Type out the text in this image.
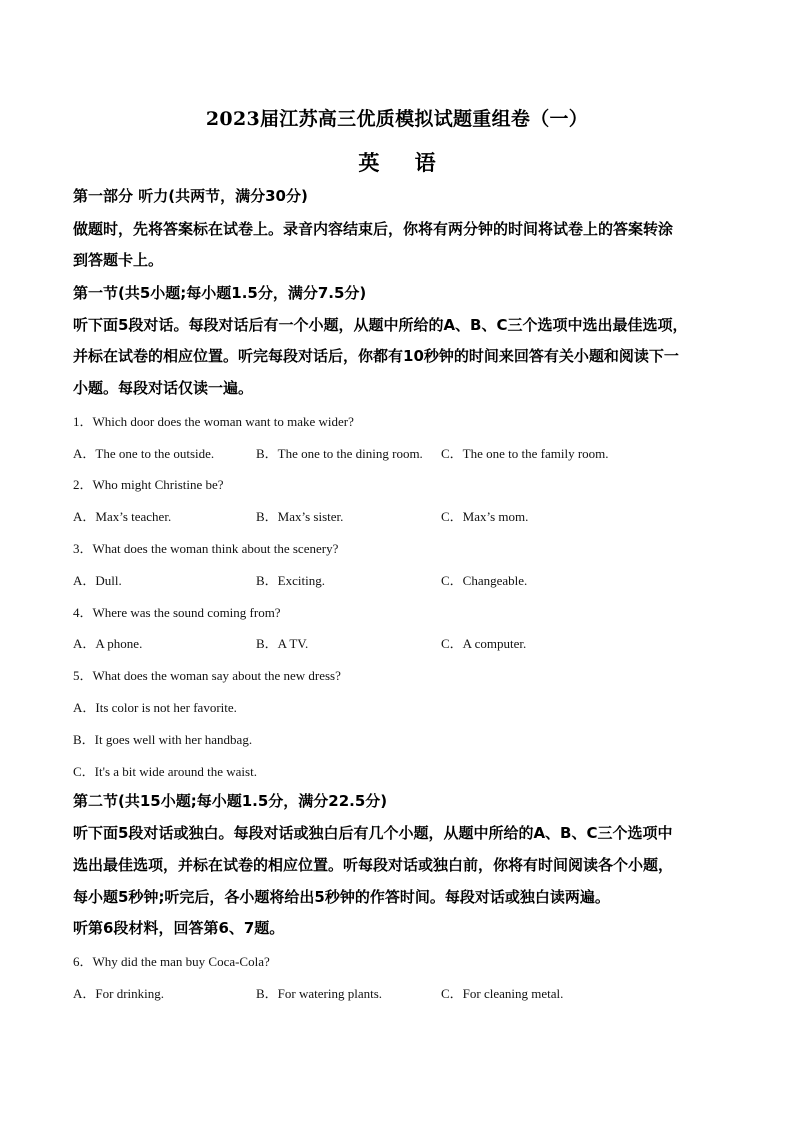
2023届江苏高三优质模拟试题重组卷（一）
英 语
第一部分 听力(共两节，满分30分)
做题时，先将答案标在试卷上。录音内容结束后，你将有两分钟的时间将试卷上的答案转涂
到答题卡上。
第一节(共5小题;每小题1.5分，满分7.5分)
听下面5段对话。每段对话后有一个小题，从题中所给的A、B、C三个选项中选出最佳选项，
并标在试卷的相应位置。听完每段对话后，你都有10秒钟的时间来回答有关小题和阅读下一
小题。每段对话仅读一遍。
1．Which door does the woman want to make wider?
A．The one to the outside.	B．The one to the dining room. C．The one to the family room.
2．Who might Christine be?
A．Max’s teacher.	B．Max’s sister.	C．Max’s mom.
3．What does the woman think about the scenery?
A．Dull.	B．Exciting.	C．Changeable.
4．Where was the sound coming from?
A．A phone.	B．A TV.	C．A computer.
5．What does the woman say about the new dress?
A．Its color is not her favorite.
B．It goes well with her handbag.
C．It's a bit wide around the waist.
第二节(共15小题;每小题1.5分，满分22.5分)
听下面5段对话或独白。每段对话或独白后有几个小题，从题中所给的A、B、C三个选项中
选出最佳选项，并标在试卷的相应位置。听每段对话或独白前，你将有时间阅读各个小题，
每小题5秒钟;听完后，各小题将给出5秒钟的作答时间。每段对话或独白读两遍。
听第6段材料，回答第6、7题。
6．Why did the man buy Coca-Cola?
A．For drinking.	B．For watering plants.	C．For cleaning metal.
